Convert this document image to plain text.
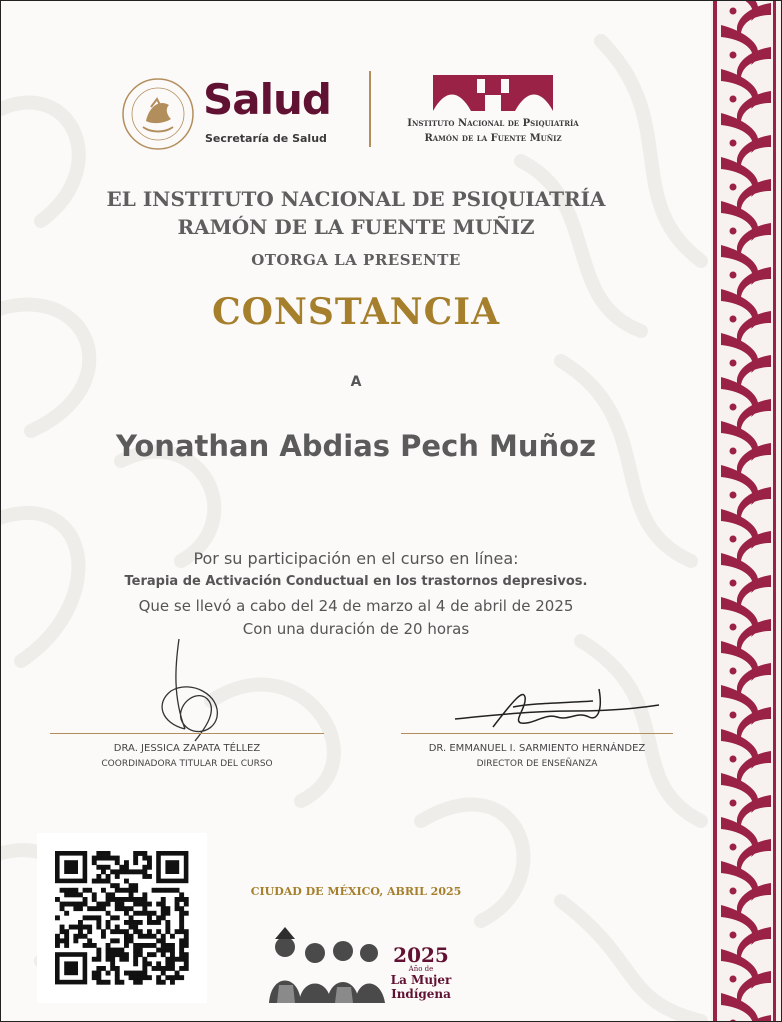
Salud
Secretaría de Salud
Instituto Nacional de Psiquiatría
Ramón de la Fuente Muñiz
EL INSTITUTO NACIONAL DE PSIQUIATRÍA
RAMÓN DE LA FUENTE MUÑIZ
OTORGA LA PRESENTE
CONSTANCIA
A
Yonathan Abdias Pech Muñoz
Por su participación en el curso en línea:
Terapia de Activación Conductual en los trastornos depresivos.
Que se llevó a cabo del 24 de marzo al 4 de abril de 2025
Con una duración de 20 horas
DRA. JESSICA ZAPATA TÉLLEZ
COORDINADORA TITULAR DEL CURSO
DR. EMMANUEL I. SARMIENTO HERNÁNDEZ
DIRECTOR DE ENSEÑANZA
CIUDAD DE MÉXICO, ABRIL 2025
2025
Año de
La Mujer
Indígena
